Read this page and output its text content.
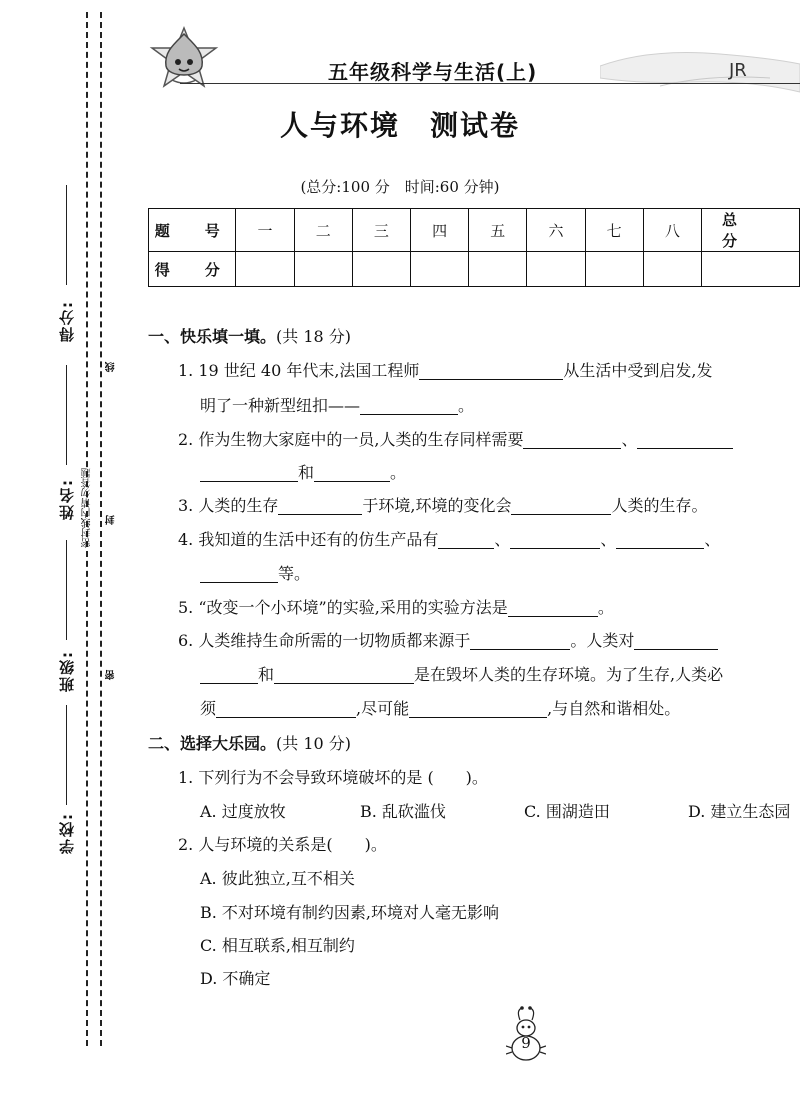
得分:
姓名:
班级:
学校:
线
密封线内请勿答题 封
密
五年级科学与生活(上)	JR
人与环境　测试卷
(总分:100 分　时间:60 分钟)
题　号	一	二	三	四	五	六	七	八	总　分
得　分									
一、快乐填一填。(共 18 分)
1. 19 世纪 40 年代末,法国工程师	从生活中受到启发,发
明了一种新型纽扣——	。
2. 作为生物大家庭中的一员,人类的生存同样需要	、
和	。
3. 人类的生存	于环境,环境的变化会	人类的生存。
4. 我知道的生活中还有的仿生产品有	、	、	、
等。
5. “改变一个小环境”的实验,采用的实验方法是	。
6. 人类维持生命所需的一切物质都来源于	。人类对
和	是在毁坏人类的生存环境。为了生存,人类必
须	,尽可能	,与自然和谐相处。
二、选择大乐园。(共 10 分)
1. 下列行为不会导致环境破坏的是 (　　)。
A. 过度放牧	B. 乱砍滥伐	C. 围湖造田	D. 建立生态园
2. 人与环境的关系是(　　)。
A. 彼此独立,互不相关
B. 不对环境有制约因素,环境对人毫无影响
C. 相互联系,相互制约
D. 不确定
9
